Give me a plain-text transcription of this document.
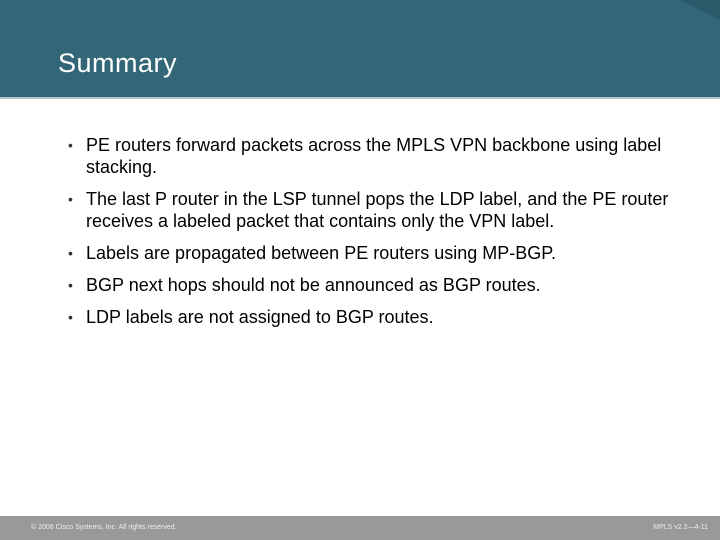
Summary
• PE routers forward packets across the MPLS VPN backbone using label stacking.
• The last P router in the LSP tunnel pops the LDP label, and the PE router receives a labeled packet that contains only the VPN label.
• Labels are propagated between PE routers using MP-BGP.
• BGP next hops should not be announced as BGP routes.
• LDP labels are not assigned to BGP routes.
© 2006 Cisco Systems, Inc. All rights reserved.	MPLS v2.2—4-11
